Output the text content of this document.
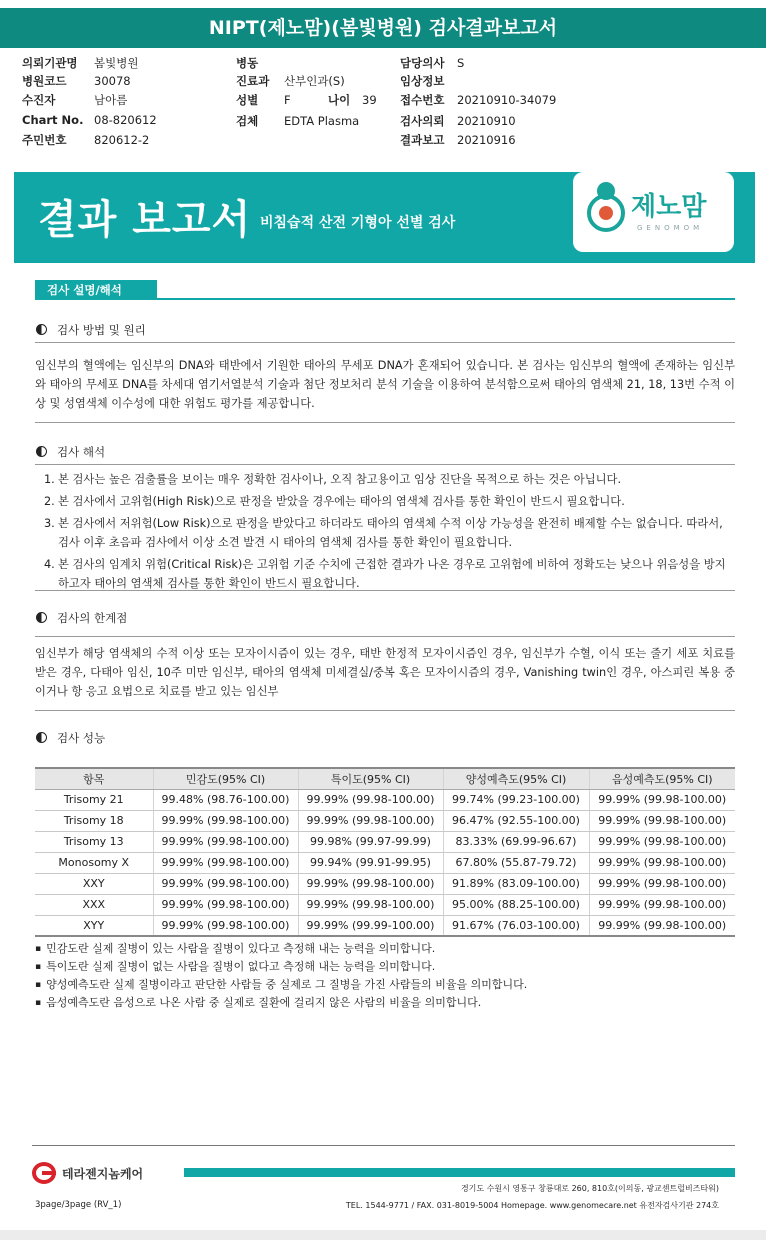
NIPT(제노맘)(봄빛병원) 검사결과보고서
의뢰기관명 봄빛병원
병원코드 30078
수진자	남아름
Chart No. 08-820612
주민번호 820612-2
병동
진료과 산부인과(S)
성별 F	나이 39
검체 EDTA Plasma
담당의사 S
임상정보
접수번호 20210910-34079
검사의뢰 20210910
결과보고 20210916
결과 보고서 비침습적 산전 기형아 선별 검사
제노맘
GENOMOM
검사 설명/해석
검사 방법 및 원리
임신부의 혈액에는 임신부의 DNA와 태반에서 기원한 태아의 무세포 DNA가 혼재되어 있습니다. 본 검사는 임신부의 혈액에 존재하는 임신부와 태아의 무세포 DNA를 차세대 염기서열분석 기술과 첨단 정보처리 분석 기술을 이용하여 분석함으로써 태아의 염색체 21, 18, 13번 수적 이상 및 성염색체 이수성에 대한 위험도 평가를 제공합니다.
검사 해석
1. 본 검사는 높은 검출률을 보이는 매우 정확한 검사이나, 오직 참고용이고 임상 진단을 목적으로 하는 것은 아닙니다.
2. 본 검사에서 고위험(High Risk)으로 판정을 받았을 경우에는 태아의 염색체 검사를 통한 확인이 반드시 필요합니다.
3. 본 검사에서 저위험(Low Risk)으로 판정을 받았다고 하더라도 태아의 염색체 수적 이상 가능성을 완전히 배제할 수는 없습니다. 따라서, 검사 이후 초음파 검사에서 이상 소견 발견 시 태아의 염색체 검사를 통한 확인이 필요합니다.
4. 본 검사의 임계치 위험(Critical Risk)은 고위험 기준 수치에 근접한 결과가 나온 경우로 고위험에 비하여 정확도는 낮으나 위음성을 방지하고자 태아의 염색체 검사를 통한 확인이 반드시 필요합니다.
검사의 한계점
임신부가 해당 염색체의 수적 이상 또는 모자이시즘이 있는 경우, 태반 한정적 모자이시즘인 경우, 임신부가 수혈, 이식 또는 줄기 세포 치료를 받은 경우, 다태아 임신, 10주 미만 임신부, 태아의 염색체 미세결실/중복 혹은 모자이시즘의 경우, Vanishing twin인 경우, 아스피린 복용 중이거나 항 응고 요법으로 치료를 받고 있는 임신부
검사 성능
항목	민감도(95% CI)	특이도(95% CI)	양성예측도(95% CI)	음성예측도(95% CI)
Trisomy 21	99.48% (98.76-100.00)	99.99% (99.98-100.00)	99.74% (99.23-100.00)	99.99% (99.98-100.00)
Trisomy 18	99.99% (99.98-100.00)	99.99% (99.98-100.00)	96.47% (92.55-100.00)	99.99% (99.98-100.00)
Trisomy 13	99.99% (99.98-100.00)	99.98% (99.97-99.99)	83.33% (69.99-96.67)	99.99% (99.98-100.00)
Monosomy X	99.99% (99.98-100.00)	99.94% (99.91-99.95)	67.80% (55.87-79.72)	99.99% (99.98-100.00)
XXY	99.99% (99.98-100.00)	99.99% (99.98-100.00)	91.89% (83.09-100.00)	99.99% (99.98-100.00)
XXX	99.99% (99.98-100.00)	99.99% (99.98-100.00)	95.00% (88.25-100.00)	99.99% (99.98-100.00)
XYY	99.99% (99.98-100.00)	99.99% (99.99-100.00)	91.67% (76.03-100.00)	99.99% (99.98-100.00)
▪ 민감도란 실제 질병이 있는 사람을 질병이 있다고 측정해 내는 능력을 의미합니다.
▪ 특이도란 실제 질병이 없는 사람을 질병이 없다고 측정해 내는 능력을 의미합니다.
▪ 양성예측도란 실제 질병이라고 판단한 사람들 중 실제로 그 질병을 가진 사람들의 비율을 의미합니다.
▪ 음성예측도란 음성으로 나온 사람 중 실제로 질환에 걸리지 않은 사람의 비율을 의미합니다.
테라젠지놈케어
경기도 수원시 영통구 창룡대로 260, 810호(이의동, 광교센트럴비즈타워)
TEL. 1544-9771 / FAX. 031-8019-5004 Homepage. www.genomecare.net 유전자검사기관 274호
3page/3page (RV_1)
